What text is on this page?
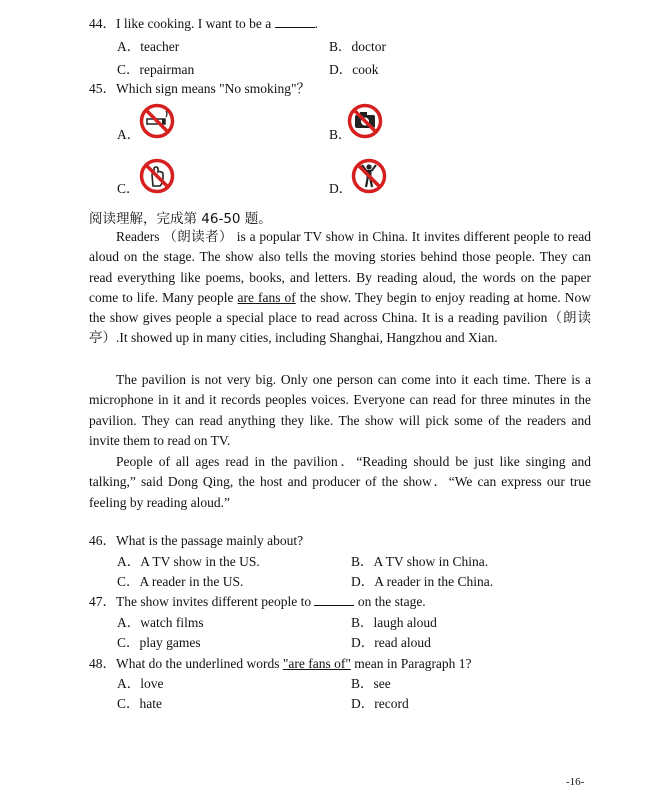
44．I like cooking. I want to be a	.
A．teacher	B．doctor
C．repairman	D．cook
45．Which sign means "No smoking"？
A．	B．
C．	D．
阅读理解，完成第 46-50 题。
Readers （朗读者） is a popular TV show in China. It invites different people to read aloud on the stage. The show also tells the moving stories behind those people. They can read everything like poems, books, and letters. By reading aloud, the words on the paper come to life. Many people are fans of the show. They begin to enjoy reading at home. Now the show gives people a special place to read across China. It is a reading pavilion（朗读亭）.It showed up in many cities, including Shanghai, Hangzhou and Xian.
The pavilion is not very big. Only one person can come into it each time. There is a microphone in it and it records peoples voices. Everyone can read for three minutes in the pavilion. They can read anything they like. The show will pick some of the readers and invite them to read on TV.
People of all ages read in the pavilion．“Reading should be just like singing and talking,” said Dong Qing, the host and producer of the show．“We can express our true feeling by reading aloud.”
46．What is the passage mainly about?
A．A TV show in the US.	B．A TV show in China.
C．A reader in the US.	D．A reader in the China.
47．The show invites different people to	on the stage.
A．watch films	B．laugh aloud
C．play games	D．read aloud
48．What do the underlined words "are fans of" mean in Paragraph 1?
A．love	B．see
C．hate	D．record
-16-
